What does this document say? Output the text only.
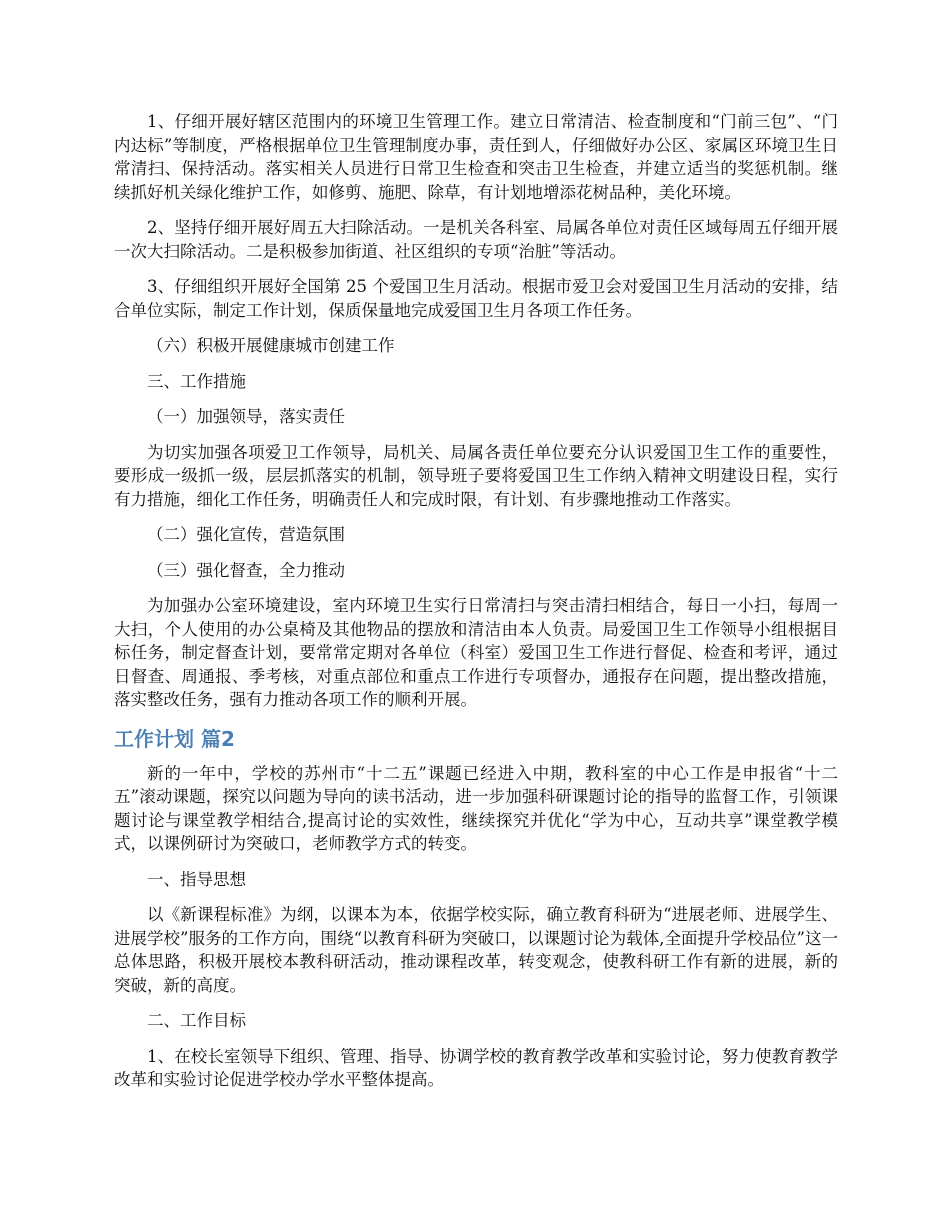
1、仔细开展好辖区范围内的环境卫生管理工作。建立日常清洁、检查制度和“门前三包”、“门内达标”等制度，严格根据单位卫生管理制度办事，责任到人，仔细做好办公区、家属区环境卫生日常清扫、保持活动。落实相关人员进行日常卫生检查和突击卫生检查，并建立适当的奖惩机制。继续抓好机关绿化维护工作，如修剪、施肥、除草，有计划地增添花树品种，美化环境。

2、坚持仔细开展好周五大扫除活动。一是机关各科室、局属各单位对责任区域每周五仔细开展一次大扫除活动。二是积极参加街道、社区组织的专项“治脏”等活动。

3、仔细组织开展好全国第 25 个爱国卫生月活动。根据市爱卫会对爱国卫生月活动的安排，结合单位实际，制定工作计划，保质保量地完成爱国卫生月各项工作任务。

（六）积极开展健康城市创建工作

三、工作措施

（一）加强领导，落实责任

为切实加强各项爱卫工作领导，局机关、局属各责任单位要充分认识爱国卫生工作的重要性，要形成一级抓一级，层层抓落实的机制，领导班子要将爱国卫生工作纳入精神文明建设日程，实行有力措施，细化工作任务，明确责任人和完成时限，有计划、有步骤地推动工作落实。

（二）强化宣传，营造氛围

（三）强化督查，全力推动

为加强办公室环境建设，室内环境卫生实行日常清扫与突击清扫相结合，每日一小扫，每周一大扫，个人使用的办公桌椅及其他物品的摆放和清洁由本人负责。局爱国卫生工作领导小组根据目标任务，制定督查计划，要常常定期对各单位（科室）爱国卫生工作进行督促、检查和考评，通过日督查、周通报、季考核，对重点部位和重点工作进行专项督办，通报存在问题，提出整改措施，落实整改任务，强有力推动各项工作的顺利开展。

工作计划 篇2

新的一年中，学校的苏州市“十二五”课题已经进入中期，教科室的中心工作是申报省“十二五”滚动课题，探究以问题为导向的读书活动，进一步加强科研课题讨论的指导的监督工作，引领课题讨论与课堂教学相结合,提高讨论的实效性，继续探究并优化“学为中心，互动共享”课堂教学模式，以课例研讨为突破口，老师教学方式的转变。

一、指导思想

以《新课程标准》为纲，以课本为本，依据学校实际，确立教育科研为“进展老师、进展学生、进展学校”服务的工作方向，围绕“以教育科研为突破口，以课题讨论为载体,全面提升学校品位”这一总体思路，积极开展校本教科研活动，推动课程改革，转变观念，使教科研工作有新的进展，新的突破，新的高度。

二、工作目标

1、在校长室领导下组织、管理、指导、协调学校的教育教学改革和实验讨论，努力使教育教学改革和实验讨论促进学校办学水平整体提高。
